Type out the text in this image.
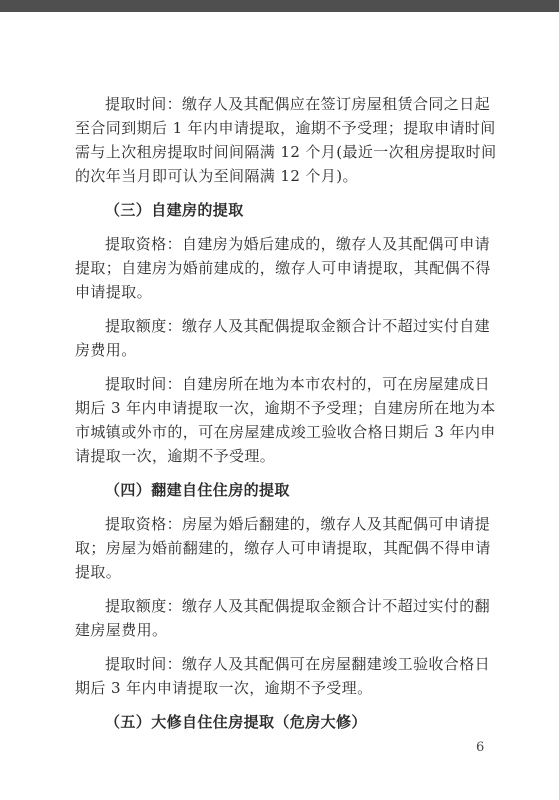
提取时间：缴存人及其配偶应在签订房屋租赁合同之日起
至合同到期后 1 年内申请提取，逾期不予受理；提取申请时间
需与上次租房提取时间间隔满 12 个月(最近一次租房提取时间
的次年当月即可认为至间隔满 12 个月)。
（三）自建房的提取
提取资格：自建房为婚后建成的，缴存人及其配偶可申请
提取；自建房为婚前建成的，缴存人可申请提取，其配偶不得
申请提取。
提取额度：缴存人及其配偶提取金额合计不超过实付自建
房费用。
提取时间：自建房所在地为本市农村的，可在房屋建成日
期后 3 年内申请提取一次，逾期不予受理；自建房所在地为本
市城镇或外市的，可在房屋建成竣工验收合格日期后 3 年内申
请提取一次，逾期不予受理。
（四）翻建自住住房的提取
提取资格：房屋为婚后翻建的，缴存人及其配偶可申请提
取；房屋为婚前翻建的，缴存人可申请提取，其配偶不得申请
提取。
提取额度：缴存人及其配偶提取金额合计不超过实付的翻
建房屋费用。
提取时间：缴存人及其配偶可在房屋翻建竣工验收合格日
期后 3 年内申请提取一次，逾期不予受理。
（五）大修自住住房提取（危房大修）
6
